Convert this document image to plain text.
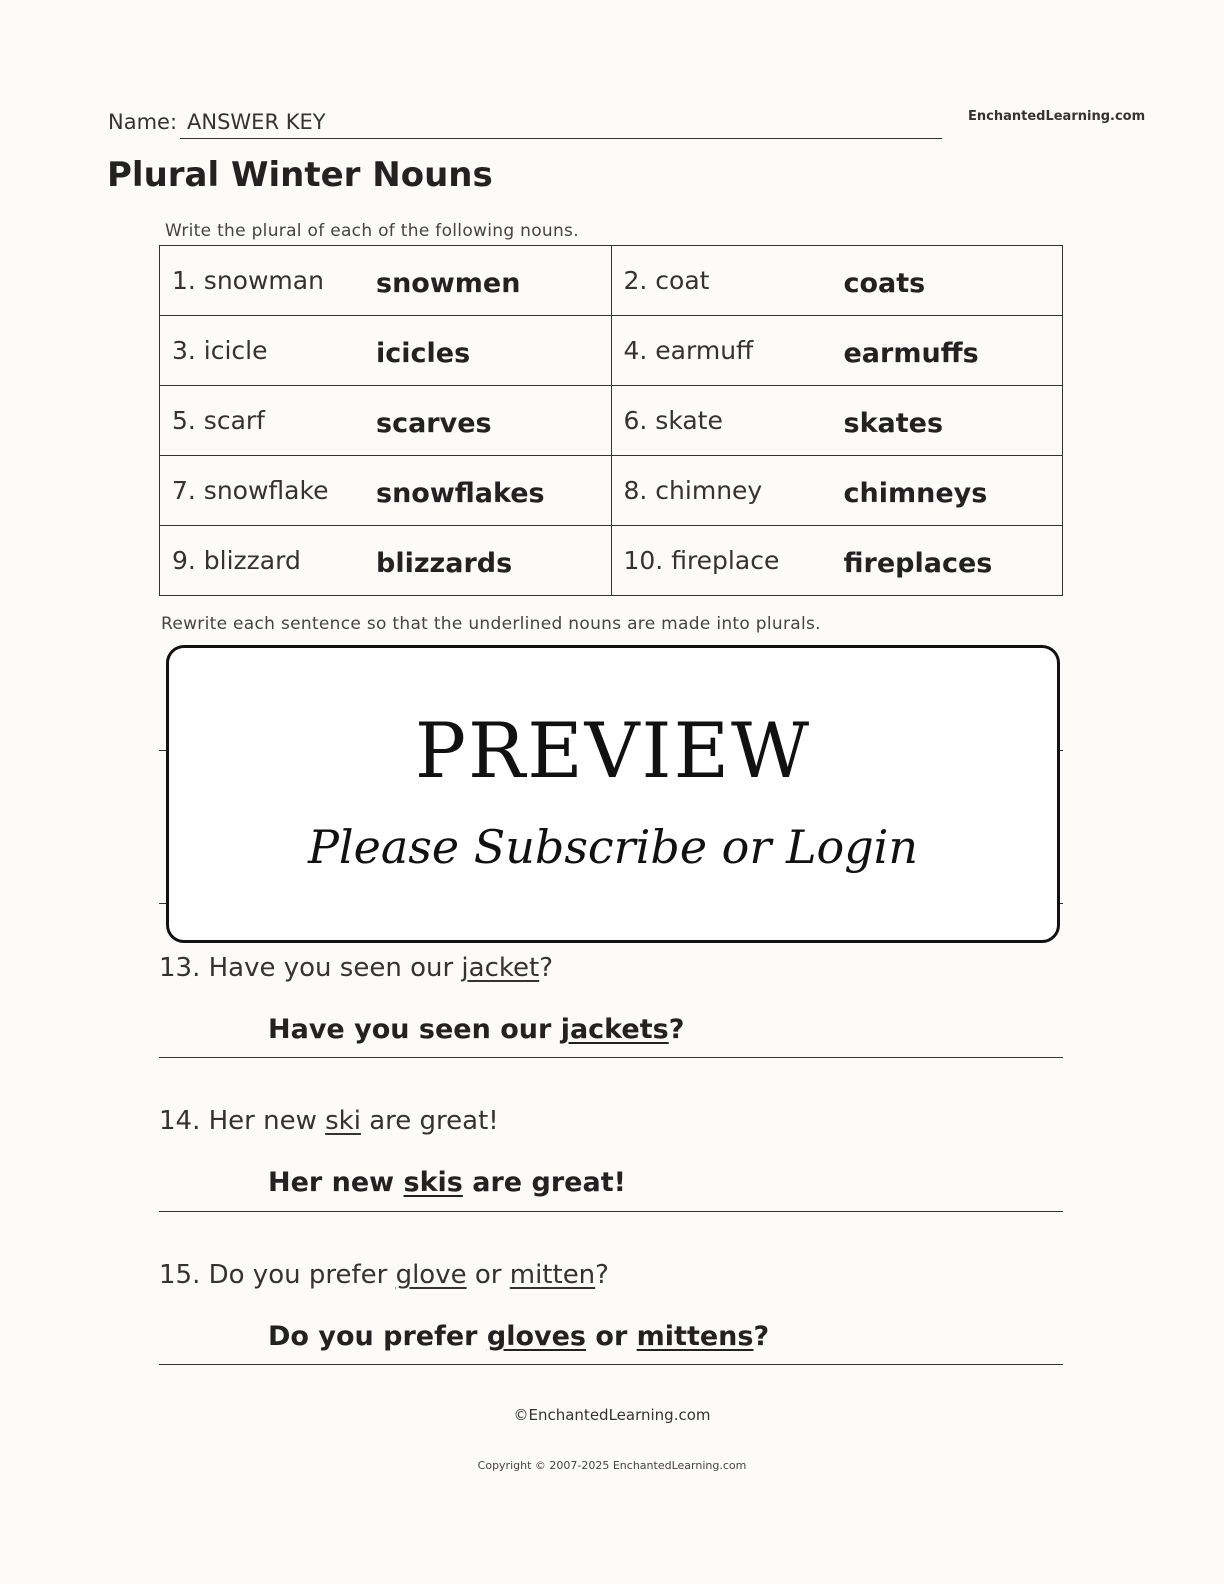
Name: ANSWER KEY	EnchantedLearning.com
Plural Winter Nouns
Write the plural of each of the following nouns.
1. snowman snowmen	2. coat coats

3. icicle icicles	4. earmuff earmuffs

5. scarf scarves	6. skate skates

7. snowflake snowflakes	8. chimney chimneys

9. blizzard blizzards	10. fireplace fireplaces
Rewrite each sentence so that the underlined nouns are made into plurals.
PREVIEW
Please Subscribe or Login
13. Have you seen our jacket?
Have you seen our jackets?
14. Her new ski are great!
Her new skis are great!
15. Do you prefer glove or mitten?
Do you prefer gloves or mittens?
©EnchantedLearning.com
Copyright © 2007-2025 EnchantedLearning.com
